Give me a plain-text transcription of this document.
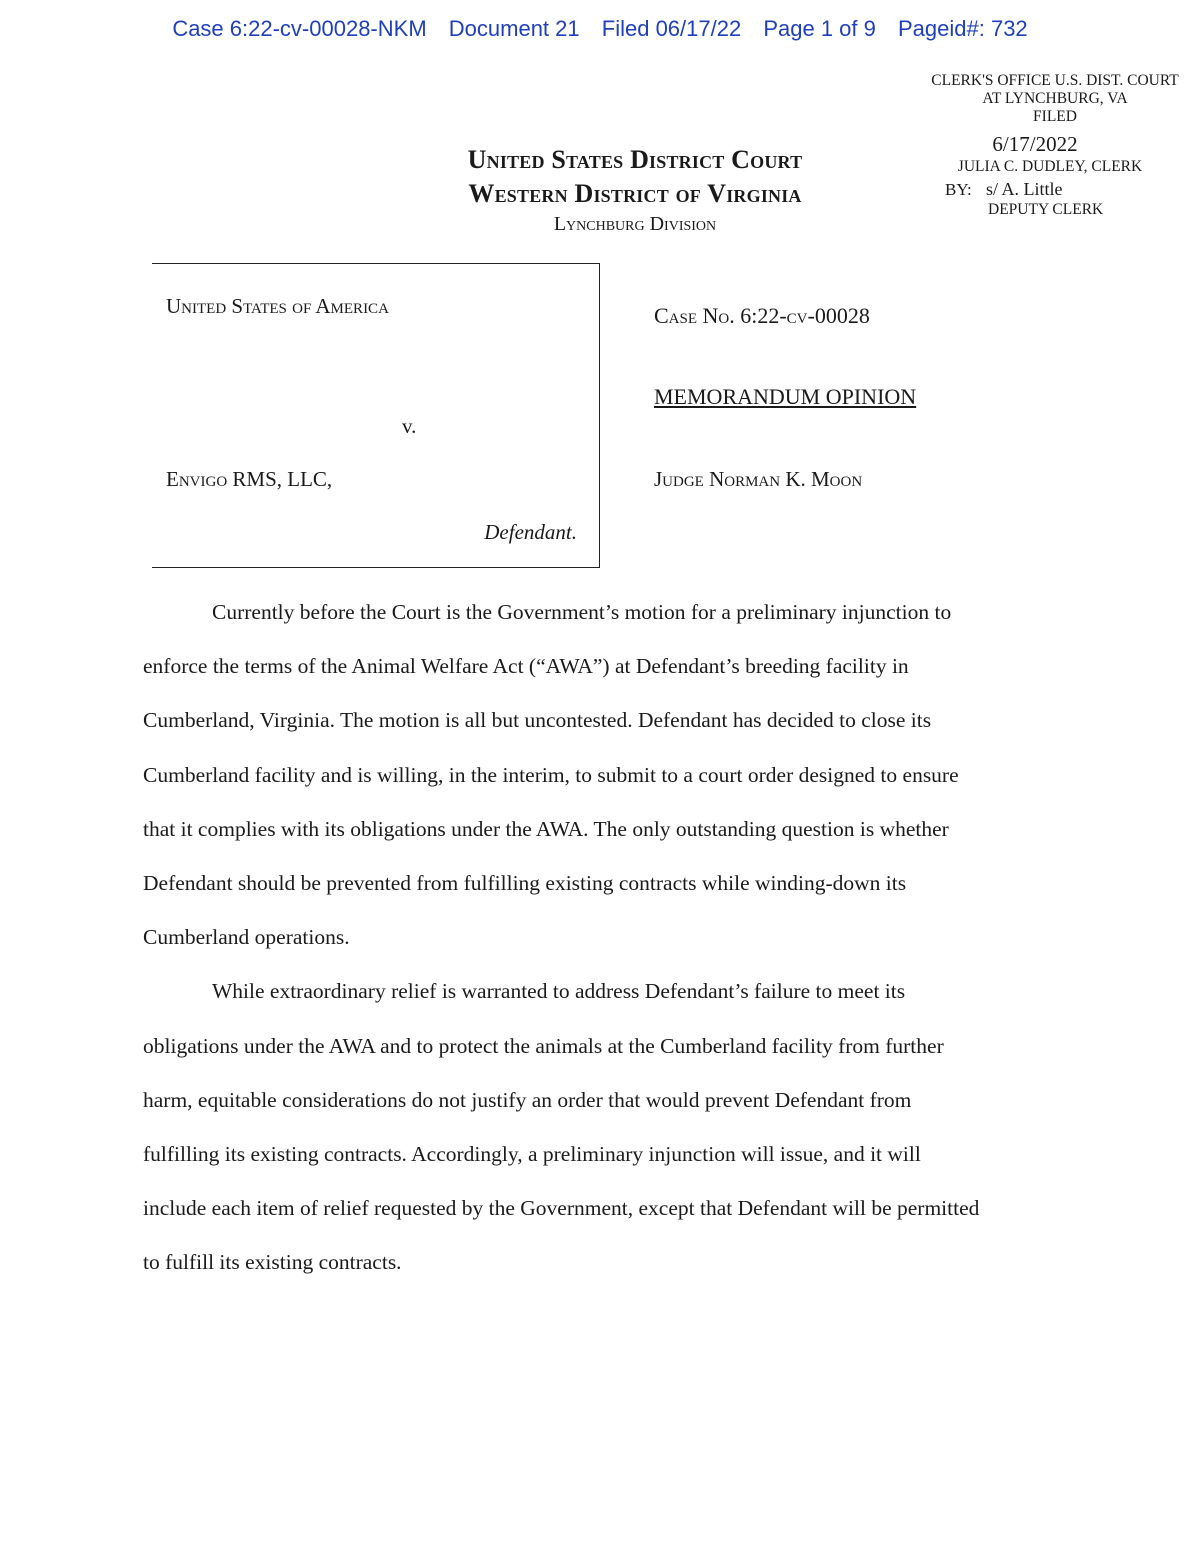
Case 6:22-cv-00028-NKM Document 21 Filed 06/17/22 Page 1 of 9 Pageid#: 732
CLERK'S OFFICE U.S. DIST. COURT
AT LYNCHBURG, VA
FILED
6/17/2022
JULIA C. DUDLEY, CLERK
BY: s/ A. Little
DEPUTY CLERK
United States District Court
Western District of Virginia
Lynchburg Division
United States of America
v.
Envigo RMS, LLC,
Defendant.
Case No. 6:22-cv-00028
MEMORANDUM OPINION
Judge Norman K. Moon

Currently before the Court is the Government’s motion for a preliminary injunction to
enforce the terms of the Animal Welfare Act (“AWA”) at Defendant’s breeding facility in
Cumberland, Virginia. The motion is all but uncontested. Defendant has decided to close its
Cumberland facility and is willing, in the interim, to submit to a court order designed to ensure
that it complies with its obligations under the AWA. The only outstanding question is whether
Defendant should be prevented from fulfilling existing contracts while winding-down its
Cumberland operations.

While extraordinary relief is warranted to address Defendant’s failure to meet its
obligations under the AWA and to protect the animals at the Cumberland facility from further
harm, equitable considerations do not justify an order that would prevent Defendant from
fulfilling its existing contracts. Accordingly, a preliminary injunction will issue, and it will
include each item of relief requested by the Government, except that Defendant will be permitted
to fulfill its existing contracts.
